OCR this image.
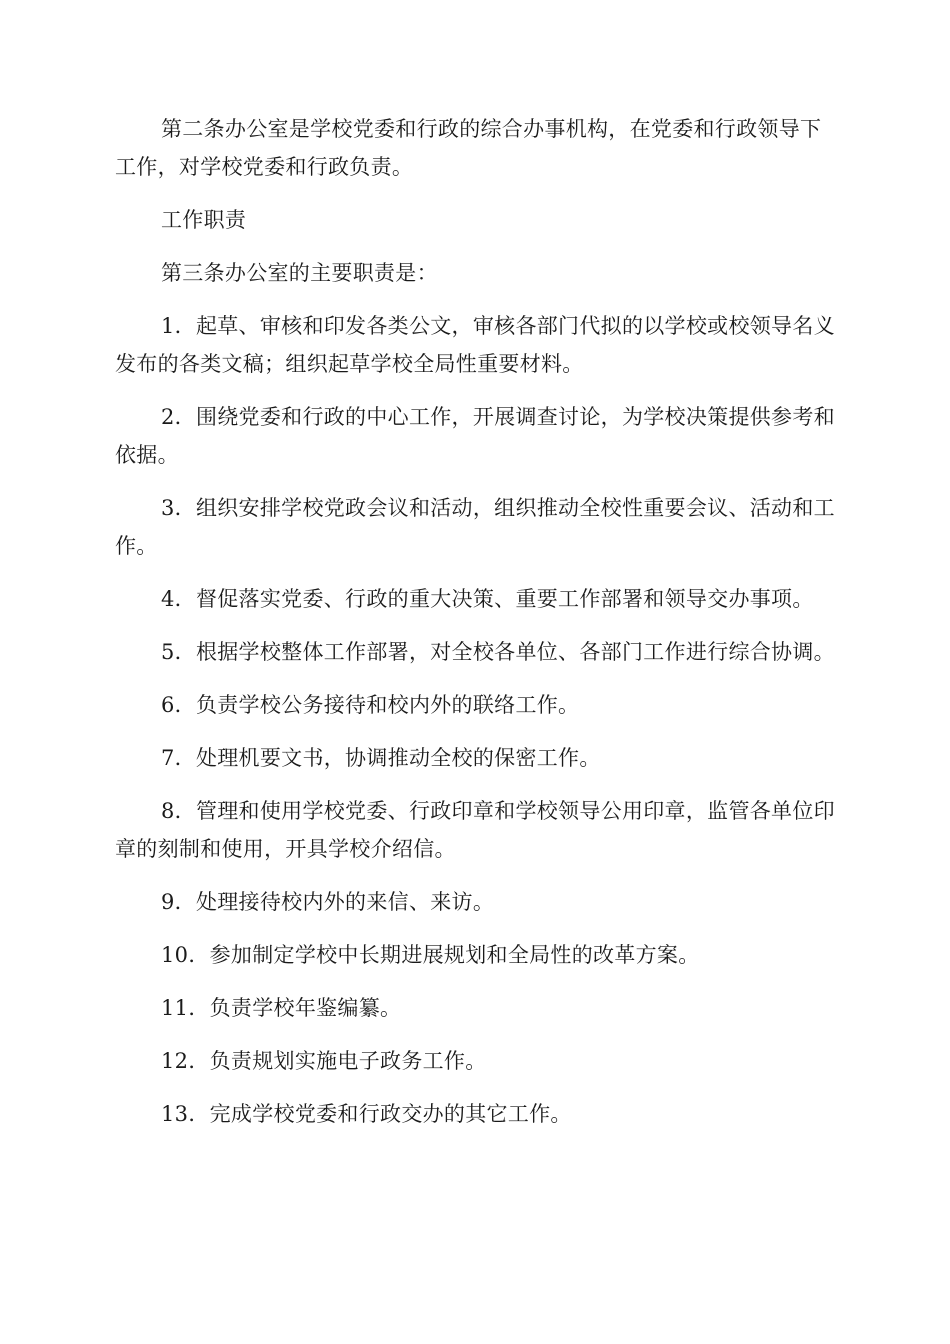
第二条办公室是学校党委和行政的综合办事机构，在党委和行政领导下工作，对学校党委和行政负责。

工作职责

第三条办公室的主要职责是：

1．起草、审核和印发各类公文，审核各部门代拟的以学校或校领导名义发布的各类文稿；组织起草学校全局性重要材料。

2．围绕党委和行政的中心工作，开展调查讨论，为学校决策提供参考和依据。

3．组织安排学校党政会议和活动，组织推动全校性重要会议、活动和工作。

4．督促落实党委、行政的重大决策、重要工作部署和领导交办事项。

5．根据学校整体工作部署，对全校各单位、各部门工作进行综合协调。

6．负责学校公务接待和校内外的联络工作。

7．处理机要文书，协调推动全校的保密工作。

8．管理和使用学校党委、行政印章和学校领导公用印章，监管各单位印章的刻制和使用，开具学校介绍信。

9．处理接待校内外的来信、来访。

10．参加制定学校中长期进展规划和全局性的改革方案。

11．负责学校年鉴编纂。

12．负责规划实施电子政务工作。

13．完成学校党委和行政交办的其它工作。
